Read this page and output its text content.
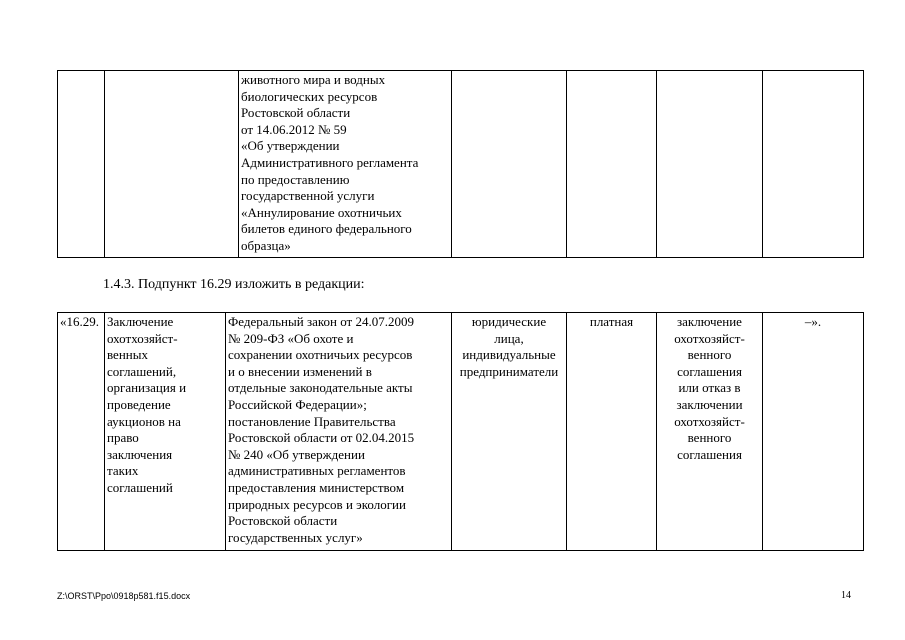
		животного мира и водных
биологических ресурсов
Ростовской области
от 14.06.2012 № 59
«Об утверждении
Административного регламента
по предоставлению
государственной услуги
«Аннулирование охотничьих
билетов единого федерального
образца»				
1.4.3. Подпункт 16.29 изложить в редакции:
«16.29.	Заключение
охотхозяйст-
венных
соглашений,
организация и
проведение
аукционов на
право
заключения
таких
соглашений	Федеральный закон от 24.07.2009
№ 209-ФЗ «Об охоте и
сохранении охотничьих ресурсов
и о внесении изменений в
отдельные законодательные акты
Российской Федерации»;
постановление Правительства
Ростовской области от 02.04.2015
№ 240 «Об утверждении
административных регламентов
предоставления министерством
природных ресурсов и экологии
Ростовской области
государственных услуг»	юридические
лица,
индивидуальные
предприниматели	платная	заключение
охотхозяйст-
венного
соглашения
или отказ в
заключении
охотхозяйст-
венного
соглашения	–».
Z:\ORST\Ppo\0918p581.f15.docx	14
